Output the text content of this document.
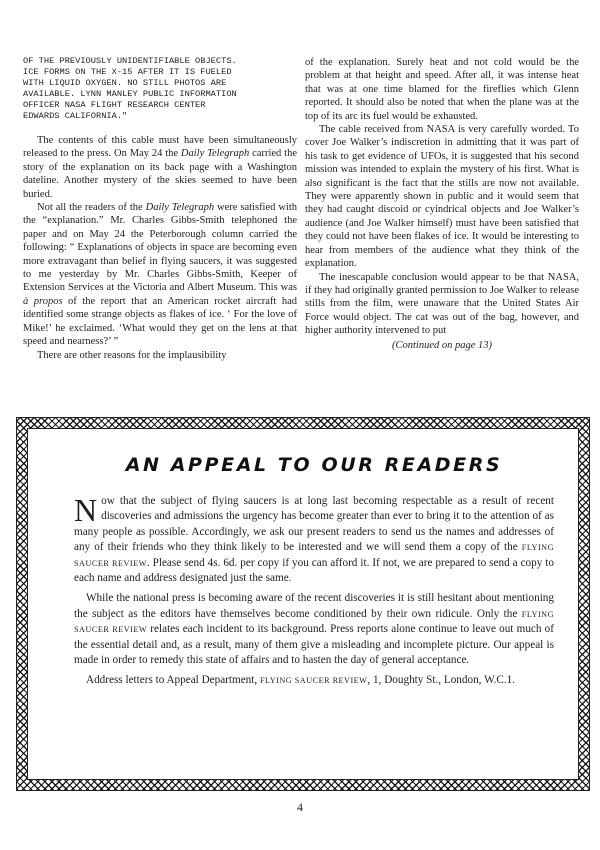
OF THE PREVIOUSLY UNIDENTIFIABLE OBJECTS.
ICE FORMS ON THE X-15 AFTER IT IS FUELED
WITH LIQUID OXYGEN. NO STILL PHOTOS ARE
AVAILABLE. LYNN MANLEY PUBLIC INFORMATION
OFFICER NASA FLIGHT RESEARCH CENTER
EDWARDS CALIFORNIA."

The contents of this cable must have been simultaneously released to the press. On May 24 the Daily Telegraph carried the story of the explanation on its back page with a Washington dateline. Another mystery of the skies seemed to have been buried.

Not all the readers of the Daily Telegraph were satisfied with the “explanation.” Mr. Charles Gibbs-Smith telephoned the paper and on May 24 the Peterborough column carried the following: “ Explanations of objects in space are becoming even more extravagant than belief in flying saucers, it was suggested to me yesterday by Mr. Charles Gibbs-Smith, Keeper of Extension Services at the Victoria and Albert Museum. This was à propos of the report that an American rocket aircraft had identified some strange objects as flakes of ice. ‘ For the love of Mike!’ he exclaimed. ‘What would they get on the lens at that speed and nearness?’ ”

There are other reasons for the implausibility

of the explanation. Surely heat and not cold would be the problem at that height and speed. After all, it was intense heat that was at one time blamed for the fireflies which Glenn reported. It should also be noted that when the plane was at the top of its arc its fuel would be exhausted.

The cable received from NASA is very carefully worded. To cover Joe Walker’s indiscretion in admitting that it was part of his task to get evidence of UFOs, it is suggested that his second mission was intended to explain the mystery of his first. What is also significant is the fact that the stills are now not available. They were apparently shown in public and it would seem that they had caught discoid or cyindrical objects and Joe Walker’s audience (and Joe Walker himself) must have been satisfied that they could not have been flakes of ice. It would be interesting to hear from members of the audience what they think of the explanation.

The inescapable conclusion would appear to be that NASA, if they had originally granted permission to Joe Walker to release stills from the film, were unaware that the United States Air Force would object. The cat was out of the bag, however, and higher authority intervened to put

(Continued on page 13)

AN APPEAL TO OUR READERS

Now that the subject of flying saucers is at long last becoming respectable as a result of recent discoveries and admissions the urgency has become greater than ever to bring it to the attention of as many people as possible. Accordingly, we ask our present readers to send us the names and addresses of any of their friends who they think likely to be interested and we will send them a copy of the FLYING SAUCER REVIEW. Please send 4s. 6d. per copy if you can afford it. If not, we are prepared to send a copy to each name and address designated just the same.

While the national press is becoming aware of the recent discoveries it is still hesitant about mentioning the subject as the editors have themselves become conditioned by their own ridicule. Only the FLYING SAUCER REVIEW relates each incident to its background. Press reports alone continue to leave out much of the essential detail and, as a result, many of them give a misleading and incomplete picture. Our appeal is made in order to remedy this state of affairs and to hasten the day of general acceptance.

Address letters to Appeal Department, FLYING SAUCER REVIEW, 1, Doughty St., London, W.C.1.

4
